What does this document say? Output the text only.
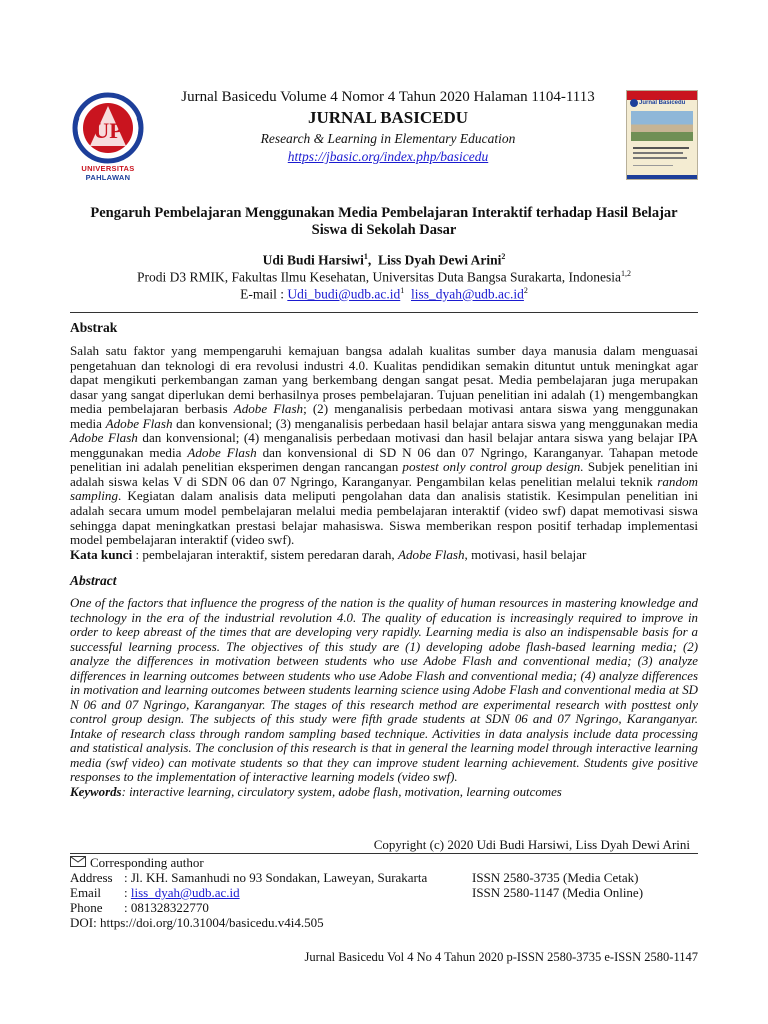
UP
UNIVERSITAS
PAHLAWAN
Jurnal Basicedu Volume 4 Nomor 4 Tahun 2020 Halaman 1104-1113
JURNAL BASICEDU
Research & Learning in Elementary Education
https://jbasic.org/index.php/basicedu
Jurnal Basicedu
Pengaruh Pembelajaran Menggunakan Media Pembelajaran Interaktif terhadap Hasil Belajar
Siswa di Sekolah Dasar
Udi Budi Harsiwi$^1$,  Liss Dyah Dewi Arini$^2$
Prodi D3 RMIK, Fakultas Ilmu Kesehatan, Universitas Duta Bangsa Surakarta, Indonesia$^{1,2}$
E-mail : $Udi\_budi@udb.ac.id^1$ $liss\_dyah@udb.ac.id^2$
Abstrak
Salah satu faktor yang mempengaruhi kemajuan bangsa adalah kualitas sumber daya manusia dalam menguasai pengetahuan dan teknologi di era revolusi industri 4.0. Kualitas pendidikan semakin dituntut untuk meningkat agar dapat mengikuti perkembangan zaman yang berkembang dengan sangat pesat. Media pembelajaran juga merupakan dasar yang sangat diperlukan demi berhasilnya proses pembelajaran. Tujuan penelitian ini adalah (1) mengembangkan media pembelajaran berbasis Adobe Flash; (2) menganalisis perbedaan motivasi antara siswa yang menggunakan media Adobe Flash dan konvensional; (3) menganalisis perbedaan hasil belajar antara siswa yang menggunakan media Adobe Flash dan konvensional; (4) menganalisis perbedaan motivasi dan hasil belajar antara siswa yang belajar IPA menggunakan media Adobe Flash dan konvensional di SD N 06 dan 07 Ngringo, Karanganyar. Tahapan metode penelitian ini adalah penelitian eksperimen dengan rancangan postest only control group design. Subjek penelitian ini adalah siswa kelas V di SDN 06 dan 07 Ngringo, Karanganyar. Pengambilan kelas penelitian melalui teknik random sampling. Kegiatan dalam analisis data meliputi pengolahan data dan analisis statistik. Kesimpulan penelitian ini adalah secara umum model pembelajaran melalui media pembelajaran interaktif (video swf) dapat memotivasi siswa sehingga dapat meningkatkan prestasi belajar mahasiswa. Siswa memberikan respon positif terhadap implementasi model pembelajaran interaktif (video swf).
Kata kunci : pembelajaran interaktif, sistem peredaran darah, Adobe Flash, motivasi, hasil belajar
Abstract
One of the factors that influence the progress of the nation is the quality of human resources in mastering knowledge and technology in the era of the industrial revolution 4.0. The quality of education is increasingly required to improve in order to keep abreast of the times that are developing very rapidly. Learning media is also an indispensable basis for a successful learning process. The objectives of this study are (1) developing adobe flash-based learning media; (2) analyze the differences in motivation between students who use Adobe Flash and conventional media; (3) analyze differences in learning outcomes between students who use Adobe Flash and conventional media; (4) analyze differences in motivation and learning outcomes between students learning science using Adobe Flash and conventional media at SD N 06 and 07 Ngringo, Karanganyar. The stages of this research method are experimental research with posttest only control group design. The subjects of this study were fifth grade students at SDN 06 and 07 Ngringo, Karanganyar. Intake of research class through random sampling based technique. Activities in data analysis include data processing and statistical analysis. The conclusion of this research is that in general the learning model through interactive learning media (swf video) can motivate students so that they can improve student learning achievement. Students give positive responses to the implementation of interactive learning models (video swf).
Keywords: interactive learning, circulatory system, adobe flash, motivation, learning outcomes
Copyright (c) 2020 Udi Budi Harsiwi, Liss Dyah Dewi Arini
Corresponding author
Address : Jl. KH. Samanhudi no 93 Sondakan, Laweyan, Surakarta	ISSN 2580-3735 (Media Cetak)
Email : liss_dyah@udb.ac.id	ISSN 2580-1147 (Media Online)
Phone : 081328322770
DOI: https://doi.org/10.31004/basicedu.v4i4.505
Jurnal Basicedu Vol 4 No 4 Tahun 2020 p-ISSN 2580-3735 e-ISSN 2580-1147
